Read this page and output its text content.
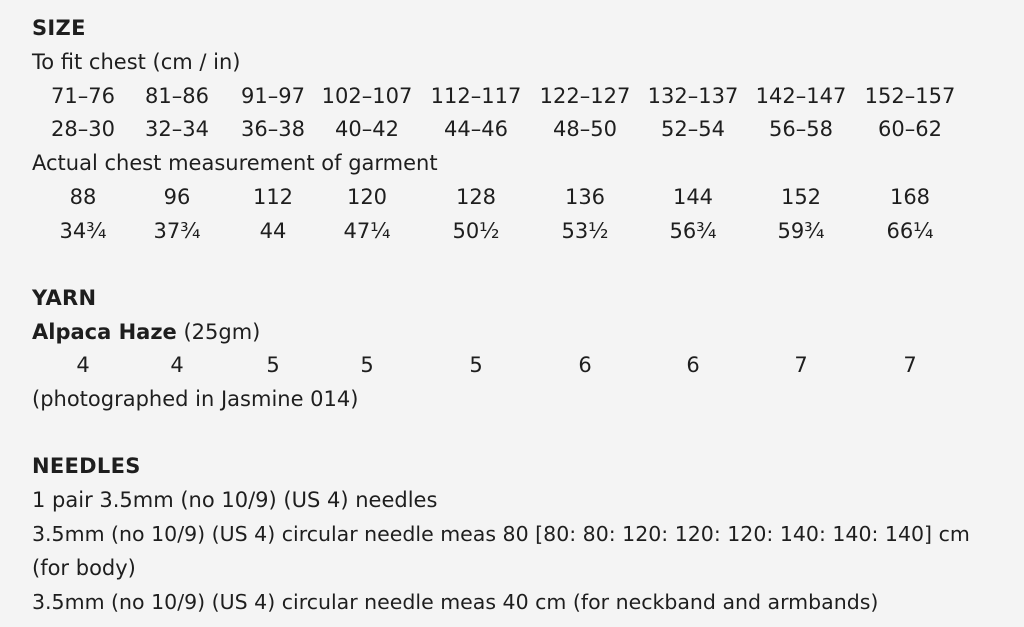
SIZE
To fit chest (cm / in)
71–76	81–86	91–97 102–107 112–117 122–127 132–137 142–147 152–157
28–30	32–34	36–38	40–42	44–46	48–50	52–54	56–58	60–62
Actual chest measurement of garment
88	96	112	120	128	136	144	152	168
34¾	37¾	44	47¼	50½	53½	56¾	59¾	66¼
YARN
Alpaca Haze (25gm)
4	4	5	5	5	6	6	7	7
(photographed in Jasmine 014)
NEEDLES
1 pair 3.5mm (no 10/9) (US 4) needles
3.5mm (no 10/9) (US 4) circular needle meas 80 [80: 80: 120: 120: 120: 140: 140: 140] cm
(for body)
3.5mm (no 10/9) (US 4) circular needle meas 40 cm (for neckband and armbands)
